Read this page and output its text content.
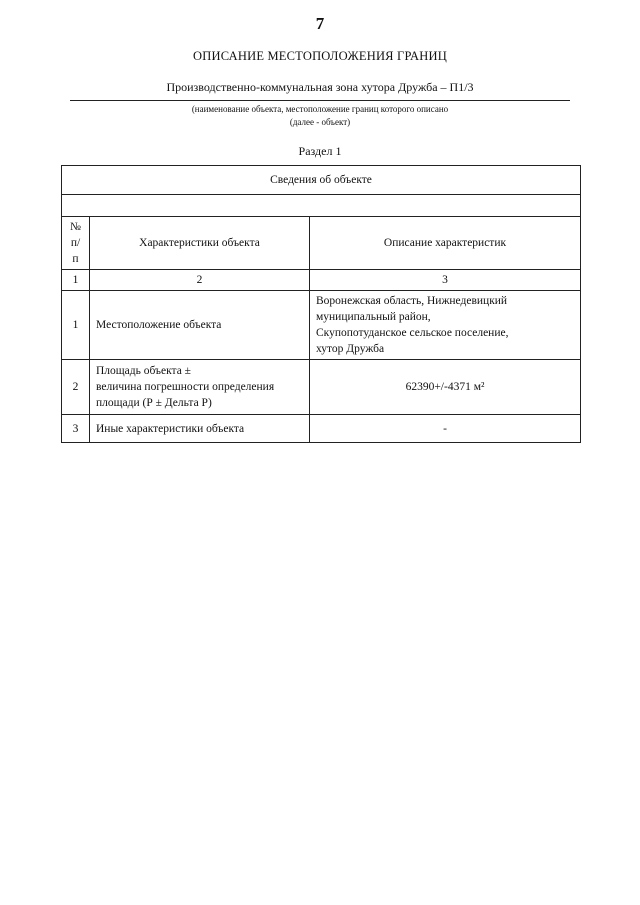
7
ОПИСАНИЕ МЕСТОПОЛОЖЕНИЯ ГРАНИЦ
Производственно-коммунальная зона хутора Дружба – П1/3
(наименование объекта, местоположение границ которого описано
(далее - объект)
Раздел 1
Сведения об объекте		

№
п/п	Характеристики объекта	Описание характеристик
1	2	3
1	Местоположение объекта	Воронежская область, Нижнедевицкий
муниципальный район,
Скупопотуданское сельское поселение,
хутор Дружба
2	Площадь объекта ±
величина погрешности определения
площади (Р ± Дельта Р)	62390+/-4371 м²
3	Иные характеристики объекта	-
